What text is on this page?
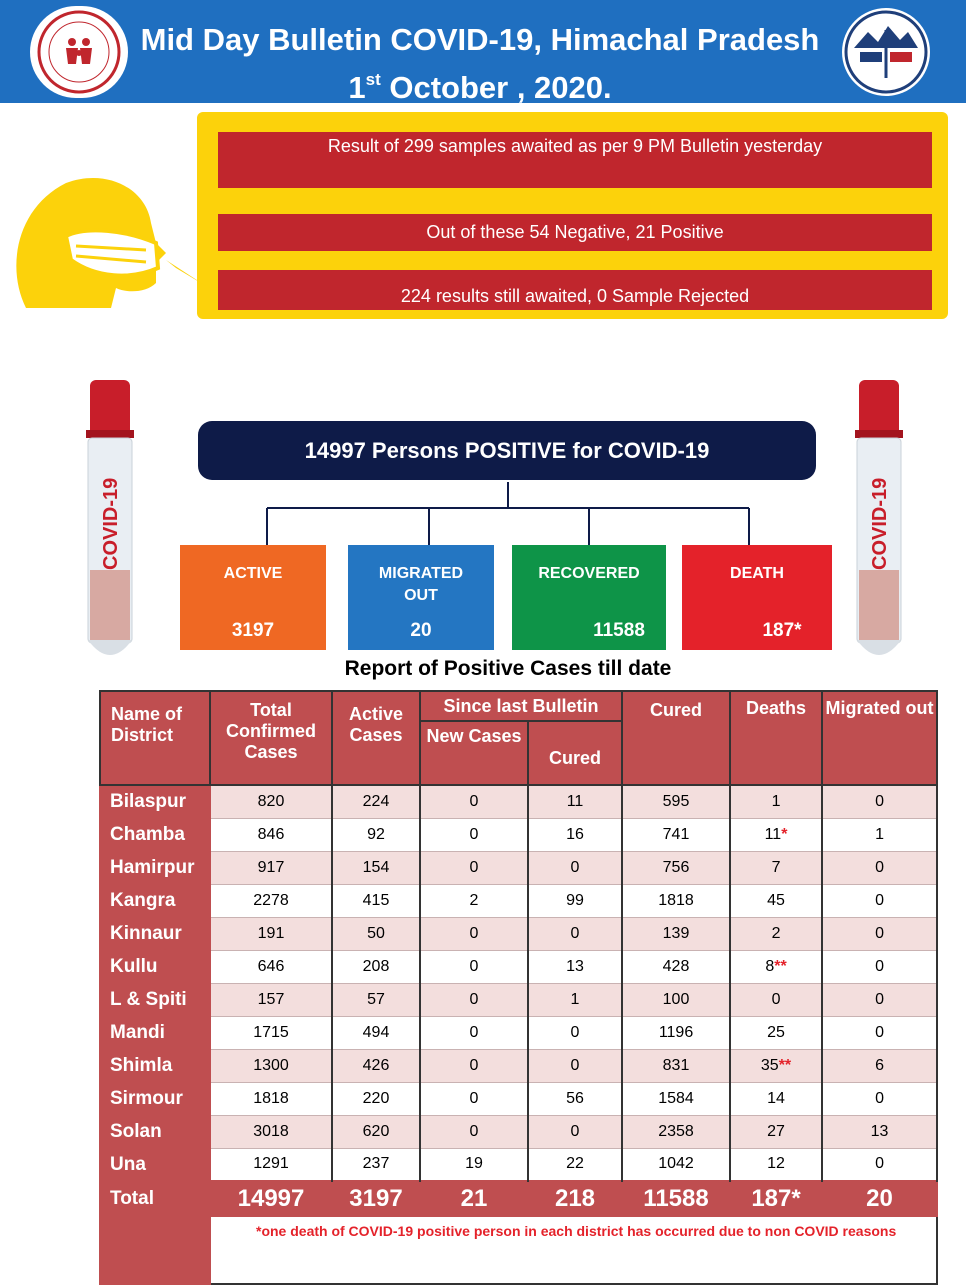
Mid Day Bulletin COVID-19, Himachal Pradesh
1st October , 2020.
Result of 299 samples awaited as per 9 PM Bulletin yesterday
Out of these 54 Negative, 21 Positive
224 results still awaited, 0 Sample Rejected
COVID-19	COVID-19
14997 Persons POSITIVE for COVID-19
ACTIVE
3197
MIGRATED
OUT
20
RECOVERED
11588
DEATH
187*
Report of Positive Cases till date
Name of District	Total Confirmed Cases	Active Cases	Since last Bulletin		Cured	Deaths	Migrated out
			New Cases	Cured			
Bilaspur	820	224	0	11	595	1	0
Chamba	846	92	0	16	741	11*	1
Hamirpur	917	154	0	0	756	7	0
Kangra	2278	415	2	99	1818	45	0
Kinnaur	191	50	0	0	139	2	0
Kullu	646	208	0	13	428	8**	0
L & Spiti	157	57	0	1	100	0	0
Mandi	1715	494	0	0	1196	25	0
Shimla	1300	426	0	0	831	35**	6
Sirmour	1818	220	0	56	1584	14	0
Solan	3018	620	0	0	2358	27	13
Una	1291	237	19	22	1042	12	0
Total	14997	3197	21	218	11588	187*	20
	*one death of COVID-19 positive person in each district has occurred due to non COVID reasons						
